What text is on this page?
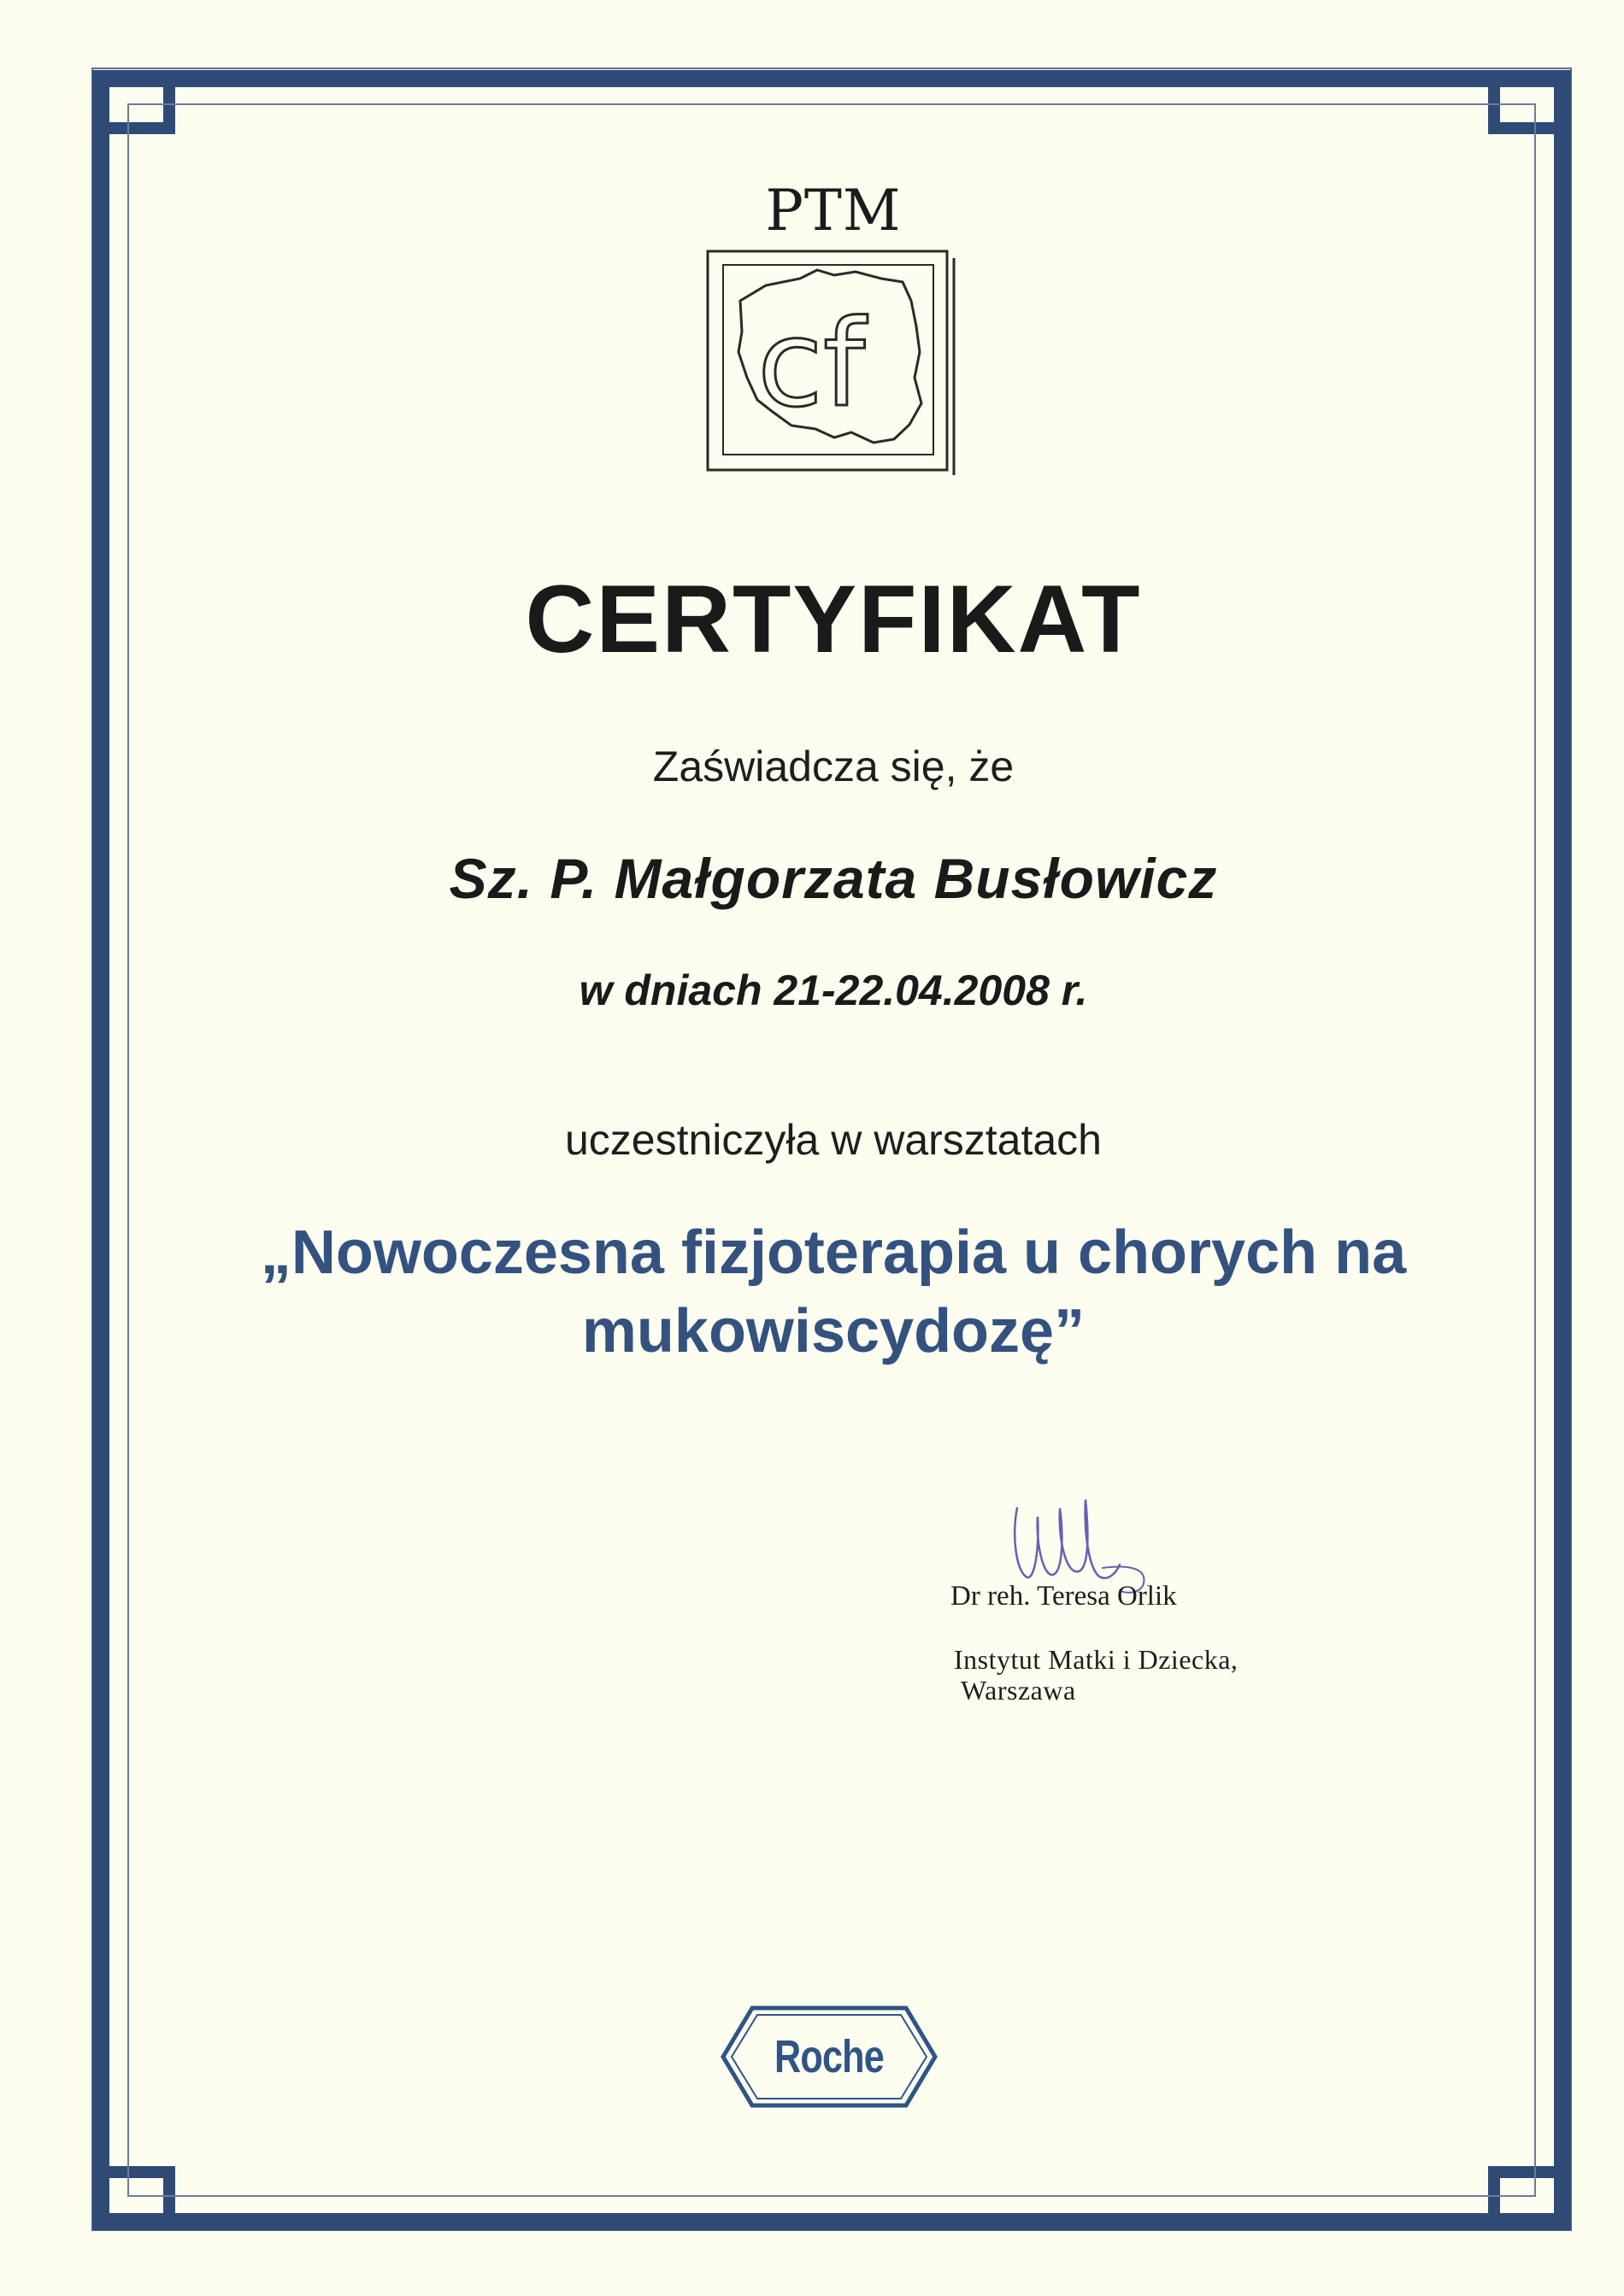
PTM

cf
CERTYFIKAT

Zaświadcza się, że

Sz. P. Małgorzata Busłowicz

w dniach 21-22.04.2008 r.

uczestniczyła w warsztatach

„Nowoczesna fizjoterapia u chorych na
mukowiscydozę”

Dr reh. Teresa Orlik

Instytut Matki i Dziecka,

Warszawa

Roche
